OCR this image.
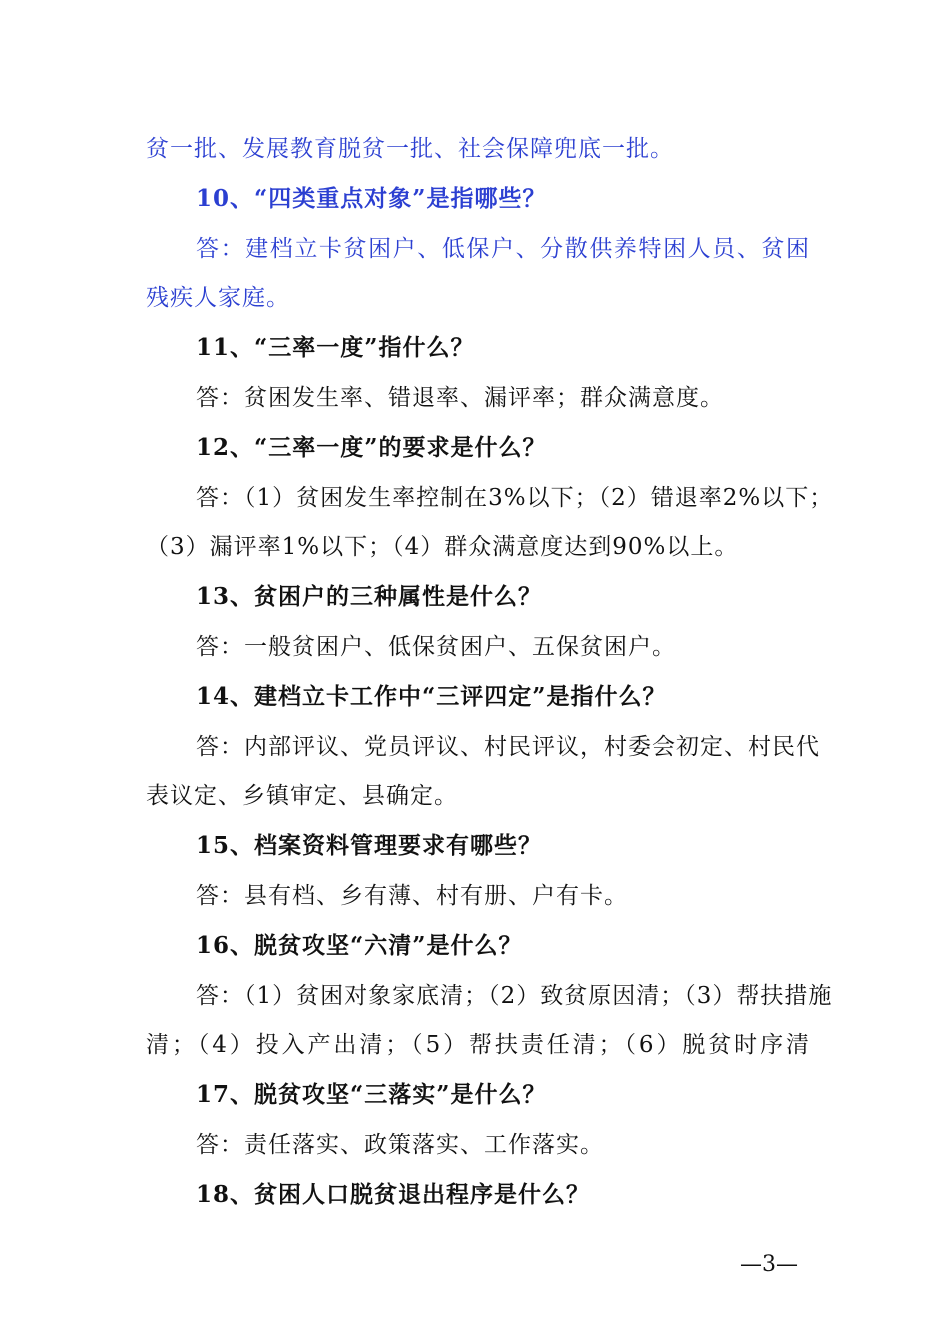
贫一批、发展教育脱贫一批、社会保障兜底一批。
10、“四类重点对象”是指哪些？
答：建档立卡贫困户、低保户、分散供养特困人员、贫困
残疾人家庭。
11、“三率一度”指什么？
答：贫困发生率、错退率、漏评率；群众满意度。
12、“三率一度”的要求是什么？
答：（1）贫困发生率控制在3%以下；（2）错退率2%以下；
（3）漏评率1%以下；（4）群众满意度达到90%以上。
13、贫困户的三种属性是什么？
答：一般贫困户、低保贫困户、五保贫困户。
14、建档立卡工作中“三评四定”是指什么？
答：内部评议、党员评议、村民评议，村委会初定、村民代
表议定、乡镇审定、县确定。
15、档案资料管理要求有哪些？
答：县有档、乡有薄、村有册、户有卡。
16、脱贫攻坚“六清”是什么？
答：（1）贫困对象家底清；（2）致贫原因清；（3）帮扶措施
清；（4）投入产出清；（5）帮扶责任清；（6）脱贫时序清
17、脱贫攻坚“三落实”是什么？
答：责任落实、政策落实、工作落实。
18、贫困人口脱贫退出程序是什么？
—3—
